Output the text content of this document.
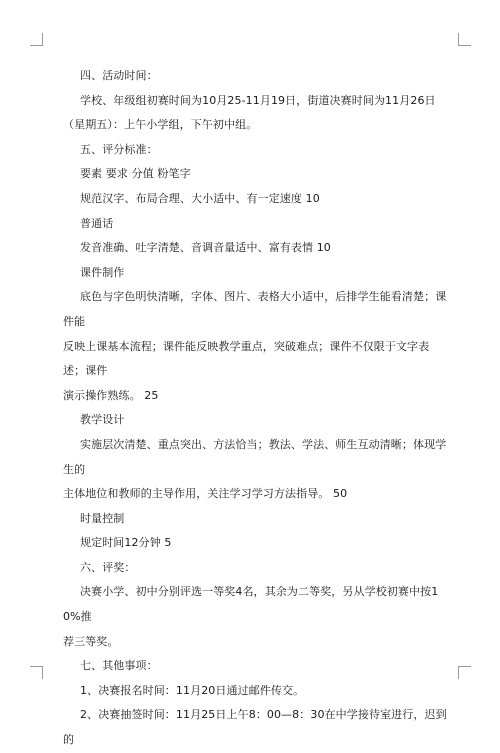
四、活动时间：
学校、年级组初赛时间为10月25-11月19日，街道决赛时间为11月26日
（星期五）：上午小学组，下午初中组。
五、评分标准：
要素 要求 分值 粉笔字
规范汉字、布局合理、大小适中、有一定速度 10
普通话
发音准确、吐字清楚、音调音量适中、富有表情 10
课件制作
底色与字色明快清晰，字体、图片、表格大小适中，后排学生能看清楚；课件能
反映上课基本流程；课件能反映教学重点，突破难点；课件不仅限于文字表述；课件
演示操作熟练。 25
教学设计
实施层次清楚、重点突出、方法恰当；教法、学法、师生互动清晰；体现学生的
主体地位和教师的主导作用，关注学习学习方法指导。 50
时量控制
规定时间12分钟 5
六、评奖：
决赛小学、初中分别评选一等奖4名，其余为二等奖，另从学校初赛中按10%推
荐三等奖。
七、其他事项：
1、决赛报名时间：11月20日通过邮件传交。
2、决赛抽签时间：11月25日上午8：00—8：30在中学接待室进行，迟到的
